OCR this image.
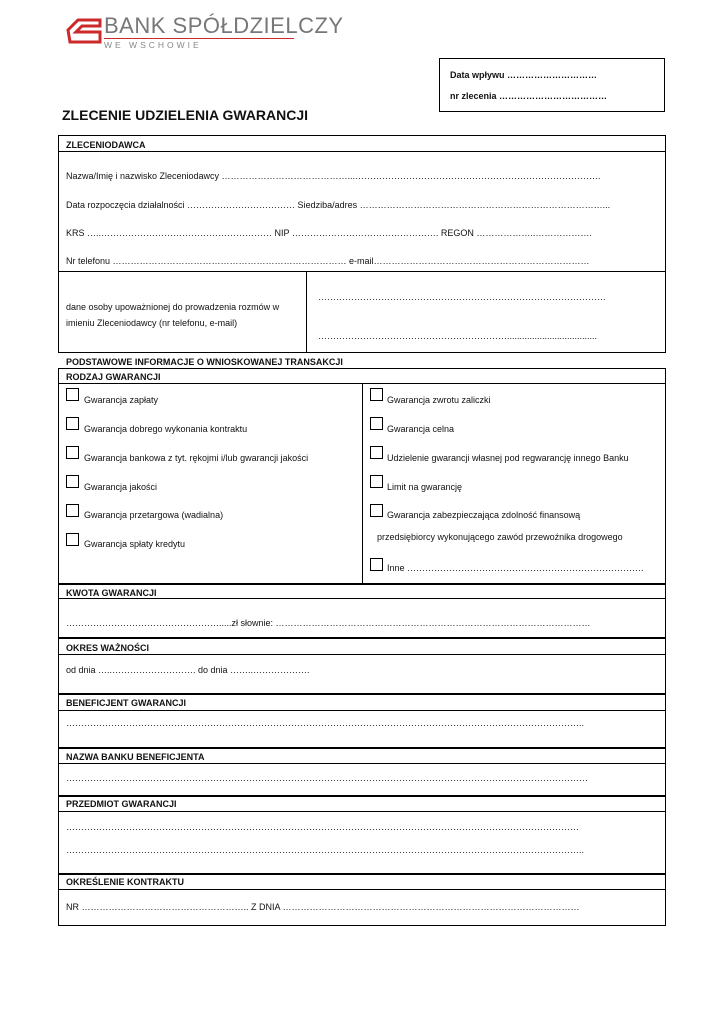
BANK SPÓŁDZIELCZY
WE WSCHOWIE
Data wpływu …………………………
nr zlecenia ………………………………
ZLECENIE UDZIELENIA GWARANCJI
ZLECENIODAWCA
Nazwa/Imię i nazwisko Zleceniodawcy ……………………………………...……………………………………………………………………….
Data rozpoczęcia działalności ……………………………… Siedziba/adres ………………………………………………………………………...
KRS …..………………………………………………… NIP …………………………………………. REGON ………………..……………….
Nr telefonu …………………………………………………………………… e-mail………………………………………………………………
dane osoby upoważnionej do prowadzenia rozmów w
imieniu Zleceniodawcy (nr telefonu, e-mail)
……………………………………………………………………………………
………………………………………………………....................................
PODSTAWOWE INFORMACJE O WNIOSKOWANEJ TRANSAKCJI
RODZAJ GWARANCJI
Gwarancja zapłaty
Gwarancja dobrego wykonania kontraktu
Gwarancja bankowa z tyt. rękojmi i/lub gwarancji jakości
Gwarancja jakości
Gwarancja przetargowa (wadialna)
Gwarancja spłaty kredytu
Gwarancja zwrotu zaliczki
Gwarancja celna
Udzielenie gwarancji własnej pod regwarancję innego Banku
Limit na gwarancję
Gwarancja zabezpieczająca zdolność finansową
przedsiębiorcy wykonującego zawód przewoźnika drogowego
Inne …………………………………………………………………….
KWOTA GWARANCJI
…………………………………………….....zł słownie: ……………………………………………………………………………………………
OKRES WAŻNOŚCI
od dnia …..………………………. do dnia ……..……………….
BENEFICJENT GWARANCJI
………………………………………………………………………………………………………………………………………………………..
NAZWA BANKU BENEFICJENTA
…………………………………………………………………………………………………………………………………………………………
PRZEDMIOT GWARANCJI
………………………………………………………………………………………………………………………………………………………
………………………………………………………………………………………………………………………………………………………..
OKREŚLENIE KONTRAKTU
NR ……………………………………………….. Z DNIA ………………………………………………………………………………………
